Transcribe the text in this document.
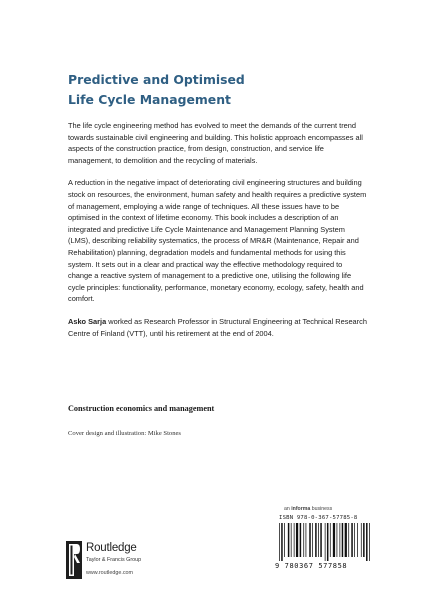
Predictive and Optimised
Life Cycle Management

The life cycle engineering method has evolved to meet the demands of the current trend towards sustainable civil engineering and building. This holistic approach encompasses all aspects of the construction practice, from design, construction, and service life management, to demolition and the recycling of materials.

A reduction in the negative impact of deteriorating civil engineering structures and building stock on resources, the environment, human safety and health requires a predictive system of management, employing a wide range of techniques. All these issues have to be optimised in the context of lifetime economy. This book includes a description of an integrated and predictive Life Cycle Maintenance and Management Planning System (LMS), describing reliability systematics, the process of MR&R (Maintenance, Repair and Rehabilitation) planning, degradation models and fundamental methods for using this system. It sets out in a clear and practical way the effective methodology required to change a reactive system of management to a predictive one, utilising the following life cycle principles: functionality, performance, monetary economy, ecology, safety, health and comfort.

Asko Sarja worked as Research Professor in Structural Engineering at Technical Research Centre of Finland (VTT), until his retirement at the end of 2004.

Construction economics and management
Cover design and illustration: Mike Stones
an informa business
ISBN 978-0-367-57785-8
9 780367 577858
Routledge
Taylor & Francis Group
www.routledge.com
